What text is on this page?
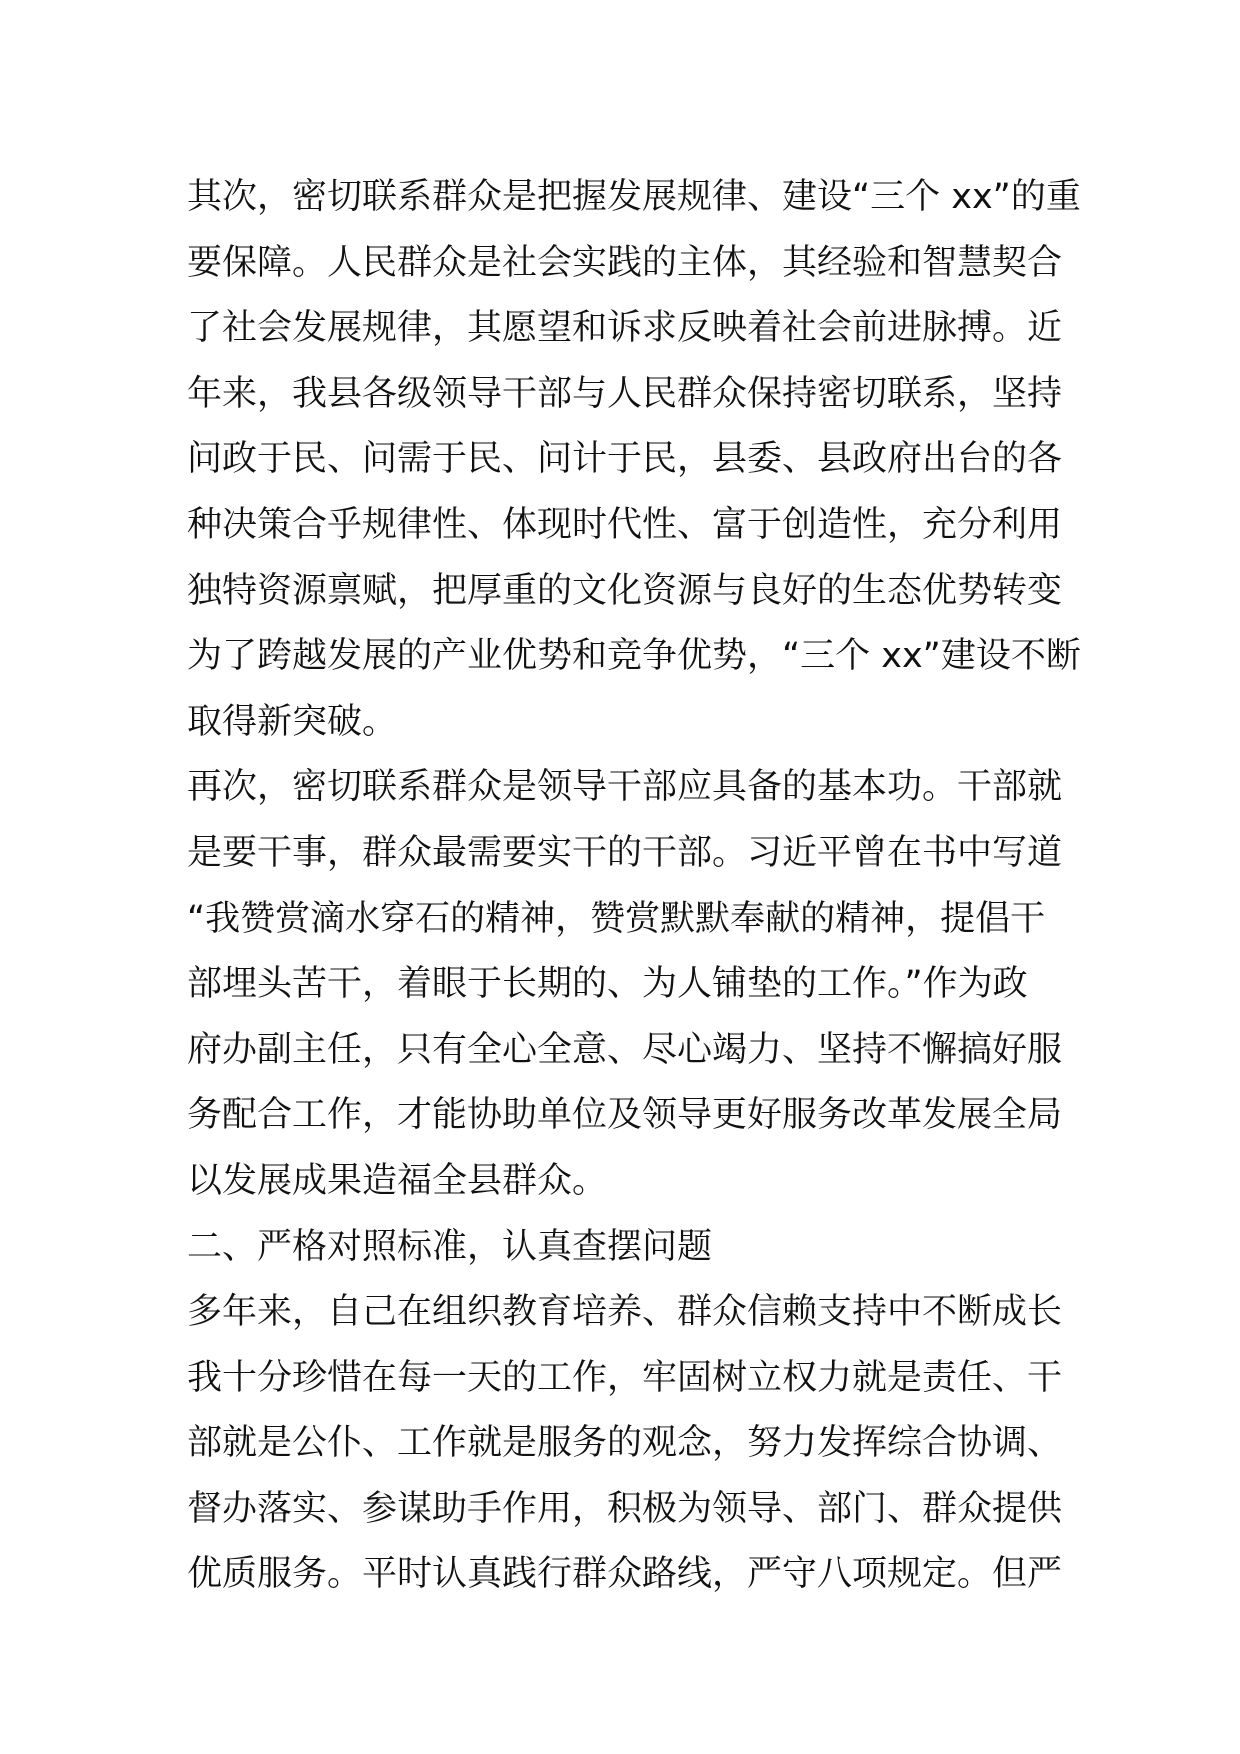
其次，密切联系群众是把握发展规律、建设“三个 xx”的重
要保障。人民群众是社会实践的主体，其经验和智慧契合
了社会发展规律，其愿望和诉求反映着社会前进脉搏。近
年来，我县各级领导干部与人民群众保持密切联系，坚持
问政于民、问需于民、问计于民，县委、县政府出台的各
种决策合乎规律性、体现时代性、富于创造性，充分利用
独特资源禀赋，把厚重的文化资源与良好的生态优势转变
为了跨越发展的产业优势和竞争优势，“三个 xx”建设不断
取得新突破。

再次，密切联系群众是领导干部应具备的基本功。干部就
是要干事，群众最需要实干的干部。习近平曾在书中写道
“我赞赏滴水穿石的精神，赞赏默默奉献的精神，提倡干
部埋头苦干，着眼于长期的、为人铺垫的工作。”作为政
府办副主任，只有全心全意、尽心竭力、坚持不懈搞好服
务配合工作，才能协助单位及领导更好服务改革发展全局
以发展成果造福全县群众。

二、严格对照标准，认真查摆问题

多年来，自己在组织教育培养、群众信赖支持中不断成长
我十分珍惜在每一天的工作，牢固树立权力就是责任、干
部就是公仆、工作就是服务的观念，努力发挥综合协调、
督办落实、参谋助手作用，积极为领导、部门、群众提供
优质服务。平时认真践行群众路线，严守八项规定。但严
